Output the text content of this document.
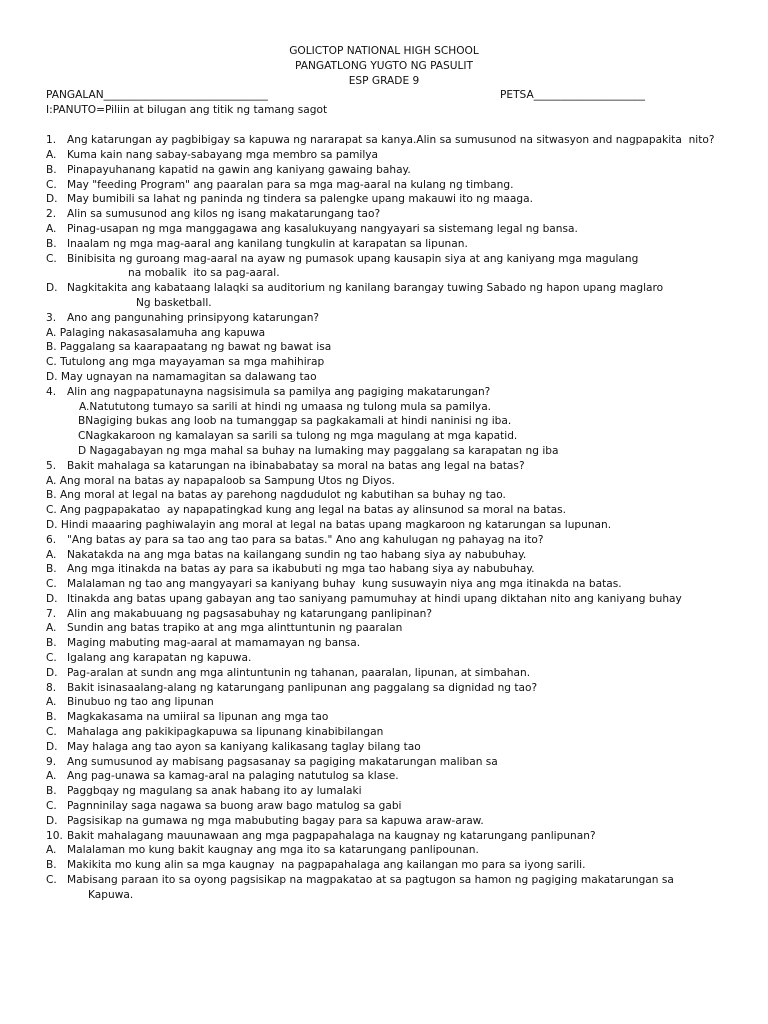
GOLICTOP NATIONAL HIGH SCHOOL
PANGATLONG YUGTO NG PASULIT
ESP GRADE 9
PANGALAN_______________________________	PETSA_____________________
I:PANUTO=Piliin at bilugan ang titik ng tamang sagot
1. Ang katarungan ay pagbibigay sa kapuwa ng nararapat sa kanya.Alin sa sumusunod na sitwasyon and nagpapakita  nito?
A. Kuma kain nang sabay-sabayang mga membro sa pamilya
B. Pinapayuhanang kapatid na gawin ang kaniyang gawaing bahay.
C. May "feeding Program" ang paaralan para sa mga mag-aaral na kulang ng timbang.
D. May bumibili sa lahat ng paninda ng tindera sa palengke upang makauwi ito ng maaga.
2. Alin sa sumusunod ang kilos ng isang makatarungang tao?
A. Pinag-usapan ng mga manggagawa ang kasalukuyang nangyayari sa sistemang legal ng bansa.
B. Inaalam ng mga mag-aaral ang kanilang tungkulin at karapatan sa lipunan.
C. Binibisita ng guroang mag-aaral na ayaw ng pumasok upang kausapin siya at ang kaniyang mga magulang
na mobalik  ito sa pag-aaral.
D. Nagkitakita ang kabataang lalaqki sa auditorium ng kanilang barangay tuwing Sabado ng hapon upang maglaro
Ng basketball.
3. Ano ang pangunahing prinsipyong katarungan?
A. Palaging nakasasalamuha ang kapuwa
B. Paggalang sa kaarapaatang ng bawat ng bawat isa
C. Tutulong ang mga mayayaman sa mga mahihirap
D. May ugnayan na namamagitan sa dalawang tao
4. Alin ang nagpapatunayna nagsisimula sa pamilya ang pagiging makatarungan?
A.Natututong tumayo sa sarili at hindi ng umaasa ng tulong mula sa pamilya.
BNagiging bukas ang loob na tumanggap sa pagkakamali at hindi naninisi ng iba.
CNagkakaroon ng kamalayan sa sarili sa tulong ng mga magulang at mga kapatid.
D Nagagabayan ng mga mahal sa buhay na lumaking may paggalang sa karapatan ng iba
5. Bakit mahalaga sa katarungan na ibinababatay sa moral na batas ang legal na batas?
A. Ang moral na batas ay napapaloob sa Sampung Utos ng Diyos.
B. Ang moral at legal na batas ay parehong nagdudulot ng kabutihan sa buhay ng tao.
C. Ang pagpapakatao  ay napapatingkad kung ang legal na batas ay alinsunod sa moral na batas.
D. Hindi maaaring paghiwalayin ang moral at legal na batas upang magkaroon ng katarungan sa lupunan.
6. "Ang batas ay para sa tao ang tao para sa batas." Ano ang kahulugan ng pahayag na ito?
A. Nakatakda na ang mga batas na kailangang sundin ng tao habang siya ay nabubuhay.
B. Ang mga itinakda na batas ay para sa ikabubuti ng mga tao habang siya ay nabubuhay.
C. Malalaman ng tao ang mangyayari sa kaniyang buhay  kung susuwayin niya ang mga itinakda na batas.
D. Itinakda ang batas upang gabayan ang tao saniyang pamumuhay at hindi upang diktahan nito ang kaniyang buhay
7. Alin ang makabuuang ng pagsasabuhay ng katarungang panlipinan?
A. Sundin ang batas trapiko at ang mga alinttuntunin ng paaralan
B. Maging mabuting mag-aaral at mamamayan ng bansa.
C. Igalang ang karapatan ng kapuwa.
D. Pag-aralan at sundn ang mga alintuntunin ng tahanan, paaralan, lipunan, at simbahan.
8. Bakit isinasaalang-alang ng katarungang panlipunan ang paggalang sa dignidad ng tao?
A. Binubuo ng tao ang lipunan
B. Magkakasama na umiiral sa lipunan ang mga tao
C. Mahalaga ang pakikipagkapuwa sa lipunang kinabibilangan
D. May halaga ang tao ayon sa kaniyang kalikasang taglay bilang tao
9. Ang sumusunod ay mabisang pagsasanay sa pagiging makatarungan maliban sa
A. Ang pag-unawa sa kamag-aral na palaging natutulog sa klase.
B. Paggbqay ng magulang sa anak habang ito ay lumalaki
C. Pagnninilay saga nagawa sa buong araw bago matulog sa gabi
D. Pagsisikap na gumawa ng mga mabubuting bagay para sa kapuwa araw-araw.
10. Bakit mahalagang mauunawaan ang mga pagpapahalaga na kaugnay ng katarungang panlipunan?
A. Malalaman mo kung bakit kaugnay ang mga ito sa katarungang panlipounan.
B. Makikita mo kung alin sa mga kaugnay  na pagpapahalaga ang kailangan mo para sa iyong sarili.
C. Mabisang paraan ito sa oyong pagsisikap na magpakatao at sa pagtugon sa hamon ng pagiging makatarungan sa
Kapuwa.
